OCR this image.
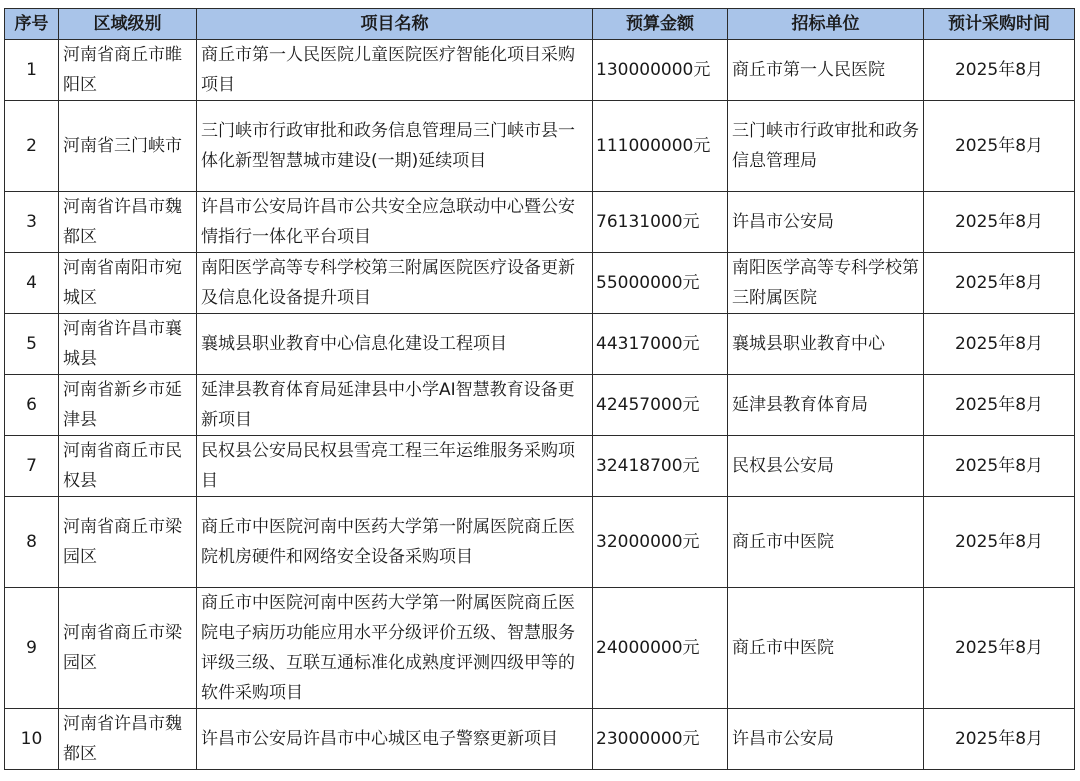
序号	区域级别	项目名称	预算金额	招标单位	预计采购时间
1	河南省商丘市睢阳区	商丘市第一人民医院儿童医院医疗智能化项目采购项目	130000000元	商丘市第一人民医院	2025年8月
2	河南省三门峡市	三门峡市行政审批和政务信息管理局三门峡市县一体化新型智慧城市建设(一期)延续项目	111000000元	三门峡市行政审批和政务信息管理局	2025年8月
3	河南省许昌市魏都区	许昌市公安局许昌市公共安全应急联动中心暨公安情指行一体化平台项目	76131000元	许昌市公安局	2025年8月
4	河南省南阳市宛城区	南阳医学高等专科学校第三附属医院医疗设备更新及信息化设备提升项目	55000000元	南阳医学高等专科学校第三附属医院	2025年8月
5	河南省许昌市襄城县	襄城县职业教育中心信息化建设工程项目	44317000元	襄城县职业教育中心	2025年8月
6	河南省新乡市延津县	延津县教育体育局延津县中小学AI智慧教育设备更新项目	42457000元	延津县教育体育局	2025年8月
7	河南省商丘市民权县	民权县公安局民权县雪亮工程三年运维服务采购项目	32418700元	民权县公安局	2025年8月
8	河南省商丘市梁园区	商丘市中医院河南中医药大学第一附属医院商丘医院机房硬件和网络安全设备采购项目	32000000元	商丘市中医院	2025年8月
9	河南省商丘市梁园区	商丘市中医院河南中医药大学第一附属医院商丘医院电子病历功能应用水平分级评价五级、智慧服务评级三级、互联互通标准化成熟度评测四级甲等的软件采购项目	24000000元	商丘市中医院	2025年8月
10	河南省许昌市魏都区	许昌市公安局许昌市中心城区电子警察更新项目	23000000元	许昌市公安局	2025年8月
